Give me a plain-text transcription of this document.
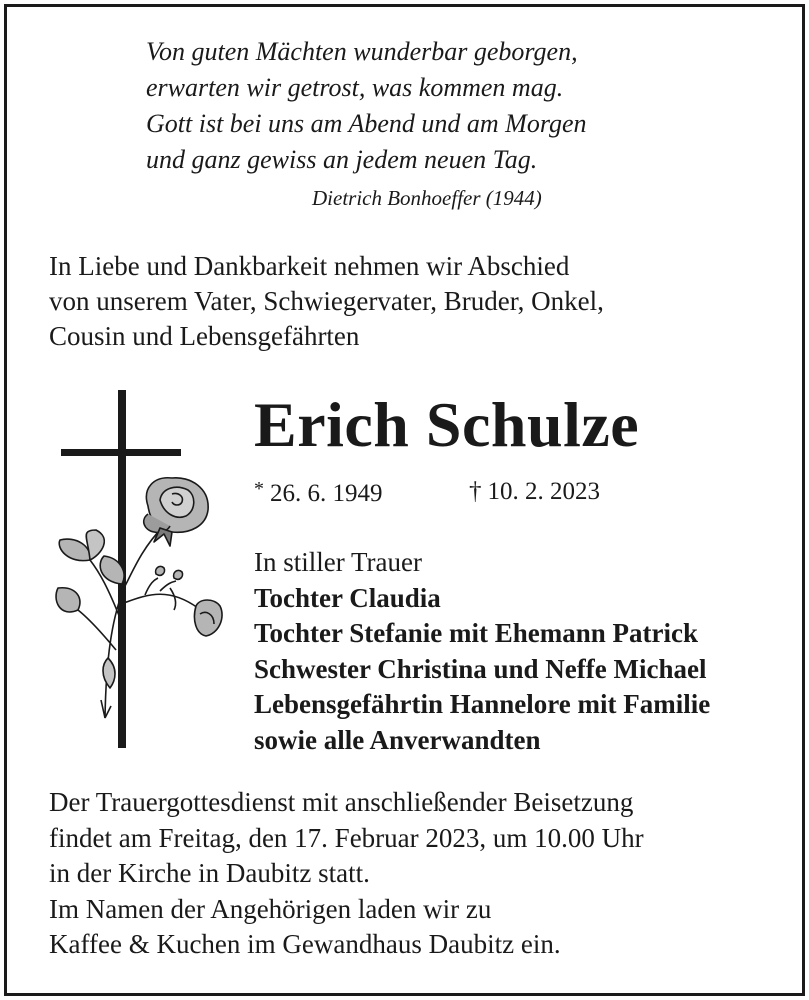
Von guten Mächten wunderbar geborgen,
erwarten wir getrost, was kommen mag.
Gott ist bei uns am Abend und am Morgen
und ganz gewiss an jedem neuen Tag.
Dietrich Bonhoeffer (1944)
In Liebe und Dankbarkeit nehmen wir Abschied
von unserem Vater, Schwiegervater, Bruder, Onkel,
Cousin und Lebensgefährten
Erich Schulze
* 26. 6. 1949	† 10. 2. 2023
In stiller Trauer
Tochter Claudia
Tochter Stefanie mit Ehemann Patrick
Schwester Christina und Neffe Michael
Lebensgefährtin Hannelore mit Familie
sowie alle Anverwandten
Der Trauergottesdienst mit anschließender Beisetzung
findet am Freitag, den 17. Februar 2023, um 10.00 Uhr
in der Kirche in Daubitz statt.
Im Namen der Angehörigen laden wir zu
Kaffee & Kuchen im Gewandhaus Daubitz ein.
